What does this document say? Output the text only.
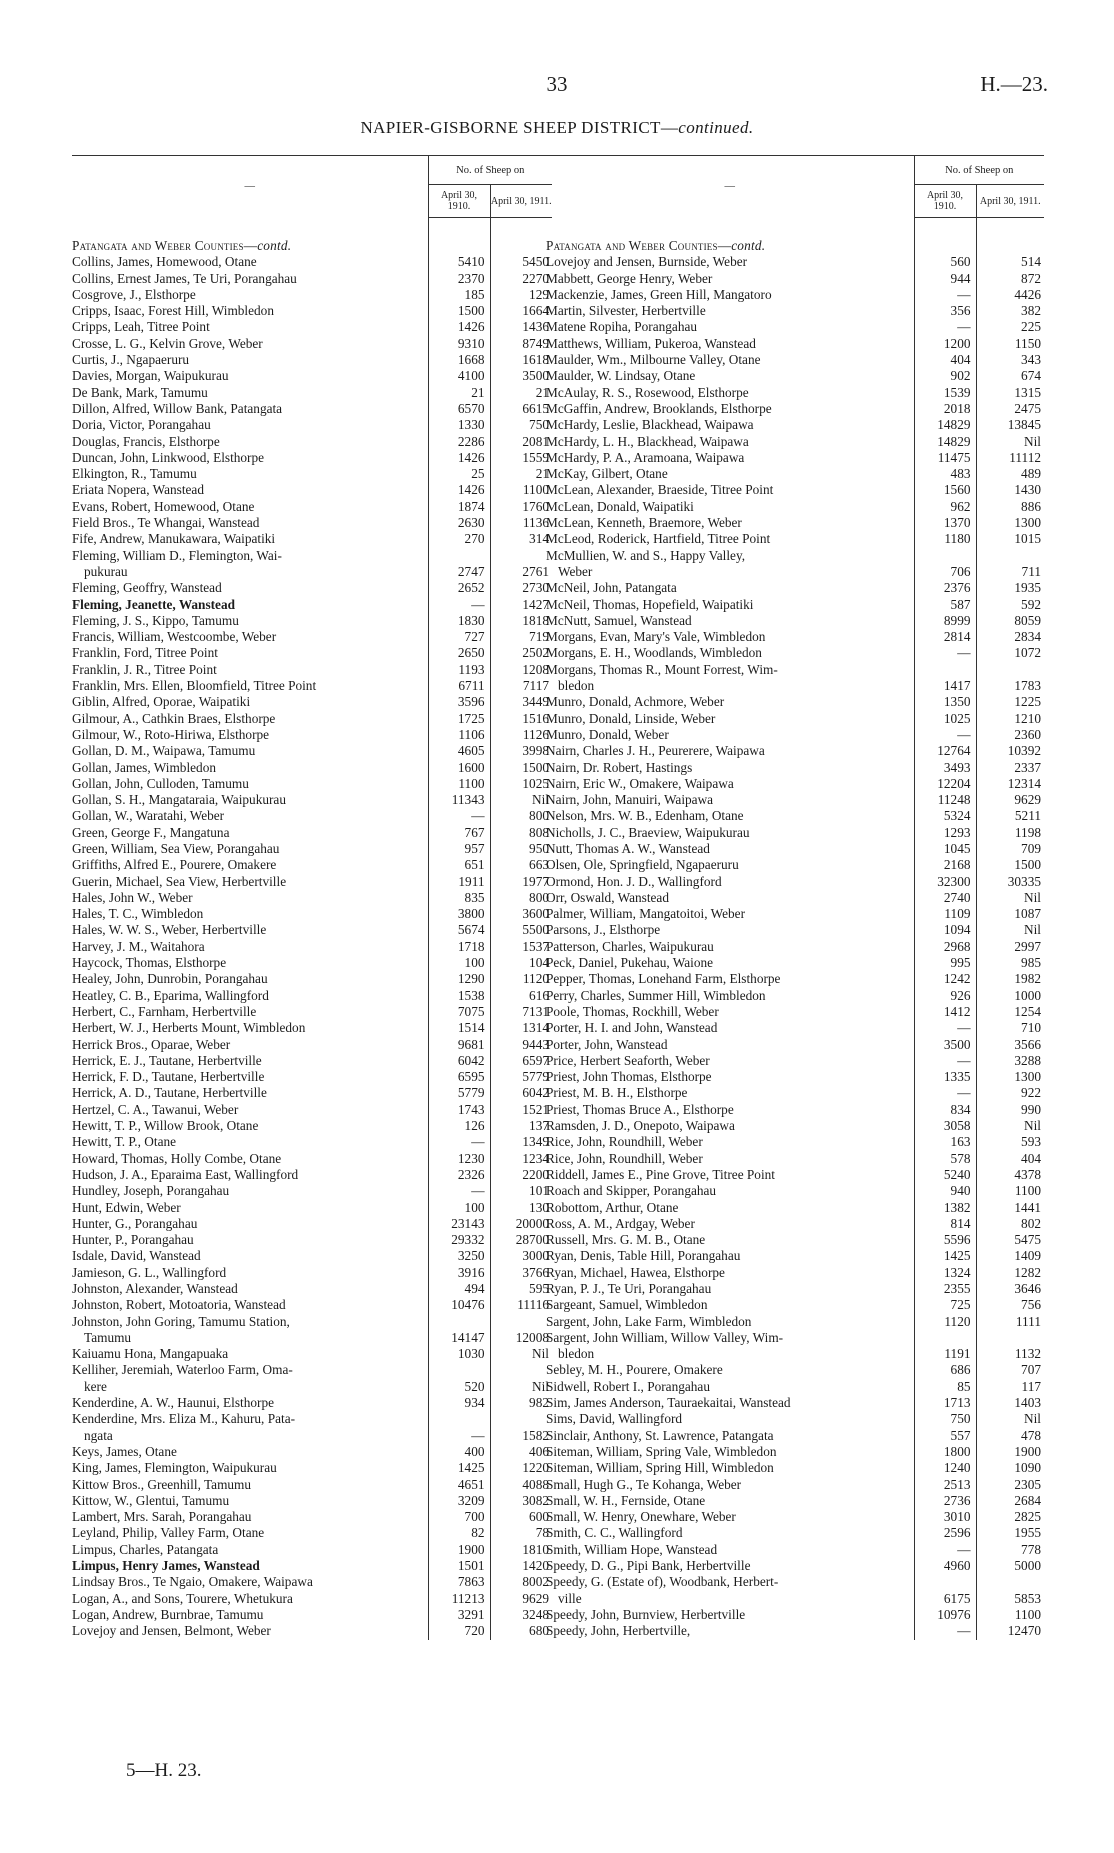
33	H.—23.
NAPIER-GISBORNE SHEEP DISTRICT—continued.
—	No. of Sheep on	
	April 30, 1910.	April 30, 1911.

Patangata and Weber Counties—contd.		
Collins, James, Homewood, Otane	5410	5450
Collins, Ernest James, Te Uri, Porangahau	2370	2270
Cosgrove, J., Elsthorpe	185	129
Cripps, Isaac, Forest Hill, Wimbledon	1500	1664
Cripps, Leah, Titree Point	1426	1436
Crosse, L. G., Kelvin Grove, Weber	9310	8749
Curtis, J., Ngapaeruru	1668	1618
Davies, Morgan, Waipukurau	4100	3500
De Bank, Mark, Tamumu	21	21
Dillon, Alfred, Willow Bank, Patangata	6570	6615
Doria, Victor, Porangahau	1330	750
Douglas, Francis, Elsthorpe	2286	2081
Duncan, John, Linkwood, Elsthorpe	1426	1559
Elkington, R., Tamumu	25	21
Eriata Nopera, Wanstead	1426	1100
Evans, Robert, Homewood, Otane	1874	1760
Field Bros., Te Whangai, Wanstead	2630	1136
Fife, Andrew, Manukawara, Waipatiki	270	314
Fleming, William D., Flemington, Wai-
pukurau	2747	2761
Fleming, Geoffry, Wanstead	2652	2730
Fleming, Jeanette, Wanstead	—	1427
Fleming, J. S., Kippo, Tamumu	1830	1818
Francis, William, Westcoombe, Weber	727	719
Franklin, Ford, Titree Point	2650	2502
Franklin, J. R., Titree Point	1193	1208
Franklin, Mrs. Ellen, Bloomfield, Titree Point	6711	7117
Giblin, Alfred, Oporae, Waipatiki	3596	3449
Gilmour, A., Cathkin Braes, Elsthorpe	1725	1516
Gilmour, W., Roto-Hiriwa, Elsthorpe	1106	1126
Gollan, D. M., Waipawa, Tamumu	4605	3998
Gollan, James, Wimbledon	1600	1500
Gollan, John, Culloden, Tamumu	1100	1025
Gollan, S. H., Mangataraia, Waipukurau	11343	Nil
Gollan, W., Waratahi, Weber	—	800
Green, George F., Mangatuna	767	808
Green, William, Sea View, Porangahau	957	950
Griffiths, Alfred E., Pourere, Omakere	651	663
Guerin, Michael, Sea View, Herbertville	1911	1977
Hales, John W., Weber	835	800
Hales, T. C., Wimbledon	3800	3600
Hales, W. W. S., Weber, Herbertville	5674	5500
Harvey, J. M., Waitahora	1718	1537
Haycock, Thomas, Elsthorpe	100	104
Healey, John, Dunrobin, Porangahau	1290	1120
Heatley, C. B., Eparima, Wallingford	1538	616
Herbert, C., Farnham, Herbertville	7075	7131
Herbert, W. J., Herberts Mount, Wimbledon	1514	1314
Herrick Bros., Oparae, Weber	9681	9443
Herrick, E. J., Tautane, Herbertville	6042	6597
Herrick, F. D., Tautane, Herbertville	6595	5779
Herrick, A. D., Tautane, Herbertville	5779	6042
Hertzel, C. A., Tawanui, Weber	1743	1521
Hewitt, T. P., Willow Brook, Otane	126	137
Hewitt, T. P., Otane	—	1349
Howard, Thomas, Holly Combe, Otane	1230	1234
Hudson, J. A., Eparaima East, Wallingford	2326	2200
Hundley, Joseph, Porangahau	—	101
Hunt, Edwin, Weber	100	130
Hunter, G., Porangahau	23143	20000
Hunter, P., Porangahau	29332	28700
Isdale, David, Wanstead	3250	3000
Jamieson, G. L., Wallingford	3916	3766
Johnston, Alexander, Wanstead	494	595
Johnston, Robert, Motoatoria, Wanstead	10476	11116
Johnston, John Goring, Tamumu Station,
Tamumu	14147	12008
Kaiuamu Hona, Mangapuaka	1030	Nil
Kelliher, Jeremiah, Waterloo Farm, Oma-
kere	520	Nil
Kenderdine, A. W., Haunui, Elsthorpe	934	982
Kenderdine, Mrs. Eliza M., Kahuru, Pata-
ngata	—	1582
Keys, James, Otane	400	406
King, James, Flemington, Waipukurau	1425	1220
Kittow Bros., Greenhill, Tamumu	4651	4088
Kittow, W., Glentui, Tamumu	3209	3082
Lambert, Mrs. Sarah, Porangahau	700	600
Leyland, Philip, Valley Farm, Otane	82	78
Limpus, Charles, Patangata	1900	1810
Limpus, Henry James, Wanstead	1501	1420
Lindsay Bros., Te Ngaio, Omakere, Waipawa	7863	8002
Logan, A., and Sons, Tourere, Whetukura	11213	9629
Logan, Andrew, Burnbrae, Tamumu	3291	3248
Lovejoy and Jensen, Belmont, Weber	720	680
—	No. of Sheep on	
	April 30, 1910.	April 30, 1911.

Patangata and Weber Counties—contd.		
Lovejoy and Jensen, Burnside, Weber	560	514
Mabbett, George Henry, Weber	944	872
Mackenzie, James, Green Hill, Mangatoro	—	4426
Martin, Silvester, Herbertville	356	382
Matene Ropiha, Porangahau	—	225
Matthews, William, Pukeroa, Wanstead	1200	1150
Maulder, Wm., Milbourne Valley, Otane	404	343
Maulder, W. Lindsay, Otane	902	674
McAulay, R. S., Rosewood, Elsthorpe	1539	1315
McGaffin, Andrew, Brooklands, Elsthorpe	2018	2475
McHardy, Leslie, Blackhead, Waipawa	14829	13845
McHardy, L. H., Blackhead, Waipawa	14829	Nil
McHardy, P. A., Aramoana, Waipawa	11475	11112
McKay, Gilbert, Otane	483	489
McLean, Alexander, Braeside, Titree Point	1560	1430
McLean, Donald, Waipatiki	962	886
McLean, Kenneth, Braemore, Weber	1370	1300
McLeod, Roderick, Hartfield, Titree Point	1180	1015
McMullien, W. and S., Happy Valley,
Weber	706	711
McNeil, John, Patangata	2376	1935
McNeil, Thomas, Hopefield, Waipatiki	587	592
McNutt, Samuel, Wanstead	8999	8059
Morgans, Evan, Mary's Vale, Wimbledon	2814	2834
Morgans, E. H., Woodlands, Wimbledon	—	1072
Morgans, Thomas R., Mount Forrest, Wim-
bledon	1417	1783
Munro, Donald, Achmore, Weber	1350	1225
Munro, Donald, Linside, Weber	1025	1210
Munro, Donald, Weber	—	2360
Nairn, Charles J. H., Peurerere, Waipawa	12764	10392
Nairn, Dr. Robert, Hastings	3493	2337
Nairn, Eric W., Omakere, Waipawa	12204	12314
Nairn, John, Manuiri, Waipawa	11248	9629
Nelson, Mrs. W. B., Edenham, Otane	5324	5211
Nicholls, J. C., Braeview, Waipukurau	1293	1198
Nutt, Thomas A. W., Wanstead	1045	709
Olsen, Ole, Springfield, Ngapaeruru	2168	1500
Ormond, Hon. J. D., Wallingford	32300	30335
Orr, Oswald, Wanstead	2740	Nil
Palmer, William, Mangatoitoi, Weber	1109	1087
Parsons, J., Elsthorpe	1094	Nil
Patterson, Charles, Waipukurau	2968	2997
Peck, Daniel, Pukehau, Waione	995	985
Pepper, Thomas, Lonehand Farm, Elsthorpe	1242	1982
Perry, Charles, Summer Hill, Wimbledon	926	1000
Poole, Thomas, Rockhill, Weber	1412	1254
Porter, H. I. and John, Wanstead	—	710
Porter, John, Wanstead	3500	3566
Price, Herbert Seaforth, Weber	—	3288
Priest, John Thomas, Elsthorpe	1335	1300
Priest, M. B. H., Elsthorpe	—	922
Priest, Thomas Bruce A., Elsthorpe	834	990
Ramsden, J. D., Onepoto, Waipawa	3058	Nil
Rice, John, Roundhill, Weber	163	593
Rice, John, Roundhill, Weber	578	404
Riddell, James E., Pine Grove, Titree Point	5240	4378
Roach and Skipper, Porangahau	940	1100
Robottom, Arthur, Otane	1382	1441
Ross, A. M., Ardgay, Weber	814	802
Russell, Mrs. G. M. B., Otane	5596	5475
Ryan, Denis, Table Hill, Porangahau	1425	1409
Ryan, Michael, Hawea, Elsthorpe	1324	1282
Ryan, P. J., Te Uri, Porangahau	2355	3646
Sargeant, Samuel, Wimbledon	725	756
Sargent, John, Lake Farm, Wimbledon	1120	1111
Sargent, John William, Willow Valley, Wim-
bledon	1191	1132
Sebley, M. H., Pourere, Omakere	686	707
Sidwell, Robert I., Porangahau	85	117
Sim, James Anderson, Tauraekaitai, Wanstead	1713	1403
Sims, David, Wallingford	750	Nil
Sinclair, Anthony, St. Lawrence, Patangata	557	478
Siteman, William, Spring Vale, Wimbledon	1800	1900
Siteman, William, Spring Hill, Wimbledon	1240	1090
Small, Hugh G., Te Kohanga, Weber	2513	2305
Small, W. H., Fernside, Otane	2736	2684
Small, W. Henry, Onewhare, Weber	3010	2825
Smith, C. C., Wallingford	2596	1955
Smith, William Hope, Wanstead	—	778
Speedy, D. G., Pipi Bank, Herbertville	4960	5000
Speedy, G. (Estate of), Woodbank, Herbert-
ville	6175	5853
Speedy, John, Burnview, Herbertville	10976	1100
Speedy, John, Herbertville,	—	12470
5—H. 23.
